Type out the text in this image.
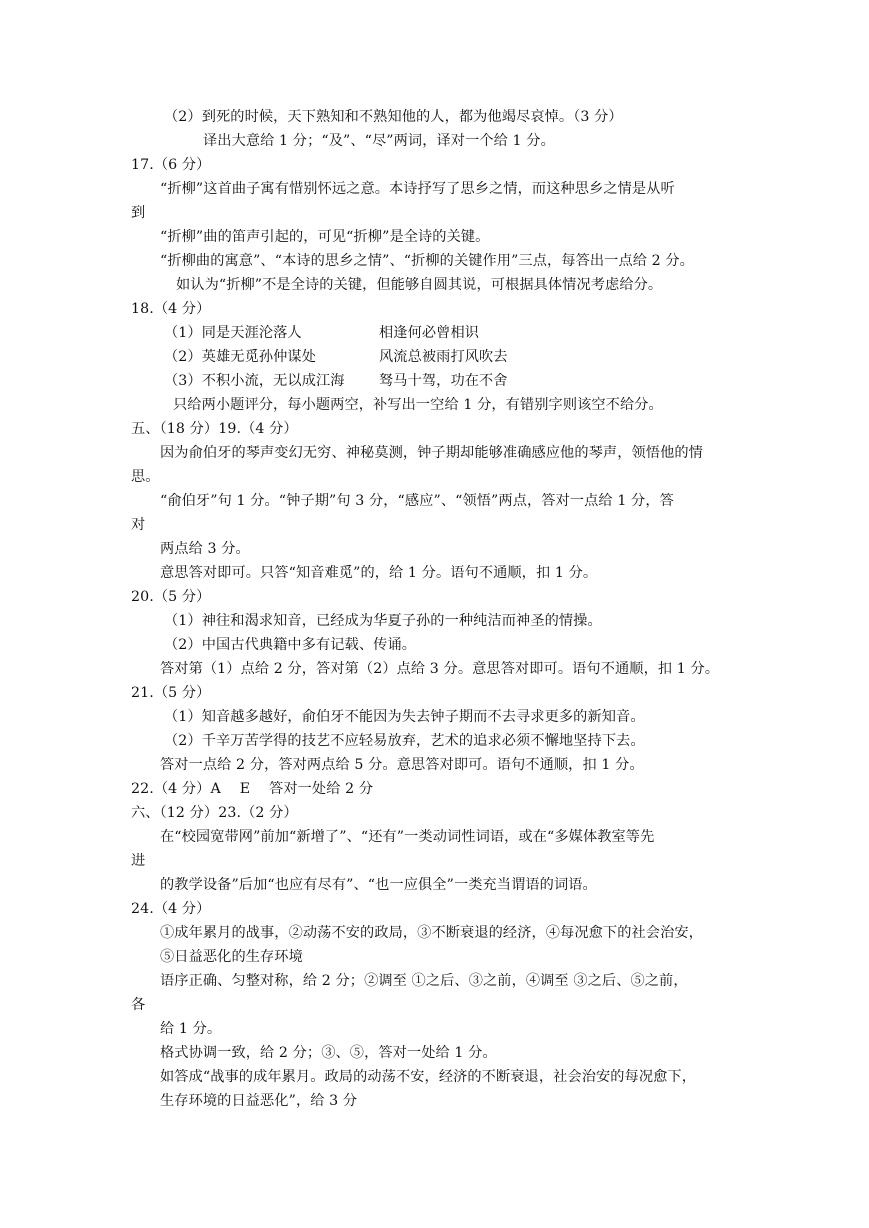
（2）到死的时候，天下熟知和不熟知他的人，都为他竭尽哀悼。（3 分）
译出大意给 1 分；“及”、“尽”两词，译对一个给 1 分。
17.（6 分）
“折柳”这首曲子寓有惜别怀远之意。本诗抒写了思乡之情，而这种思乡之情是从听
到
“折柳”曲的笛声引起的，可见“折柳”是全诗的关键。
“折柳曲的寓意”、“本诗的思乡之情”、“折柳的关键作用”三点，每答出一点给 2 分。
如认为“折柳”不是全诗的关键，但能够自圆其说，可根据具体情况考虑给分。
18.（4 分）
（1）同是天涯沦落人	相逢何必曾相识
（2）英雄无觅孙仲谋处	风流总被雨打风吹去
（3）不积小流，无以成江海 驽马十驾，功在不舍
只给两小题评分，每小题两空，补写出一空给 1 分，有错别字则该空不给分。
五、（18 分）19.（4 分）
因为俞伯牙的琴声变幻无穷、神秘莫测，钟子期却能够准确感应他的琴声，领悟他的情
思。
“俞伯牙”句 1 分。“钟子期”句 3 分，“感应”、“领悟”两点，答对一点给 1 分，答
对
两点给 3 分。
意思答对即可。只答“知音难觅”的，给 1 分。语句不通顺，扣 1 分。
20.（5 分）
（1）神往和渴求知音，已经成为华夏子孙的一种纯洁而神圣的情操。
（2）中国古代典籍中多有记载、传诵。
答对第（1）点给 2 分，答对第（2）点给 3 分。意思答对即可。语句不通顺，扣 1 分。
21.（5 分）
（1）知音越多越好，俞伯牙不能因为失去钟子期而不去寻求更多的新知音。
（2）千辛万苦学得的技艺不应轻易放弃，艺术的追求必须不懈地坚持下去。
答对一点给 2 分，答对两点给 5 分。意思答对即可。语句不通顺，扣 1 分。
22.（4 分）A　 E　 答对一处给 2 分
六、（12 分）23.（2 分）
在“校园宽带网”前加“新增了”、“还有”一类动词性词语，或在“多媒体教室等先
进
的教学设备”后加“也应有尽有”、“也一应俱全”一类充当谓语的词语。
24.（4 分）
①成年累月的战事，②动荡不安的政局，③不断衰退的经济，④每况愈下的社会治安，
⑤日益恶化的生存环境
语序正确、匀整对称，给 2 分；②调至 ①之后、③之前，④调至 ③之后、⑤之前，
各
给 1 分。
格式协调一致，给 2 分；③、⑤，答对一处给 1 分。
如答成“战事的成年累月。政局的动荡不安，经济的不断衰退，社会治安的每况愈下，
生存环境的日益恶化”，给 3 分
